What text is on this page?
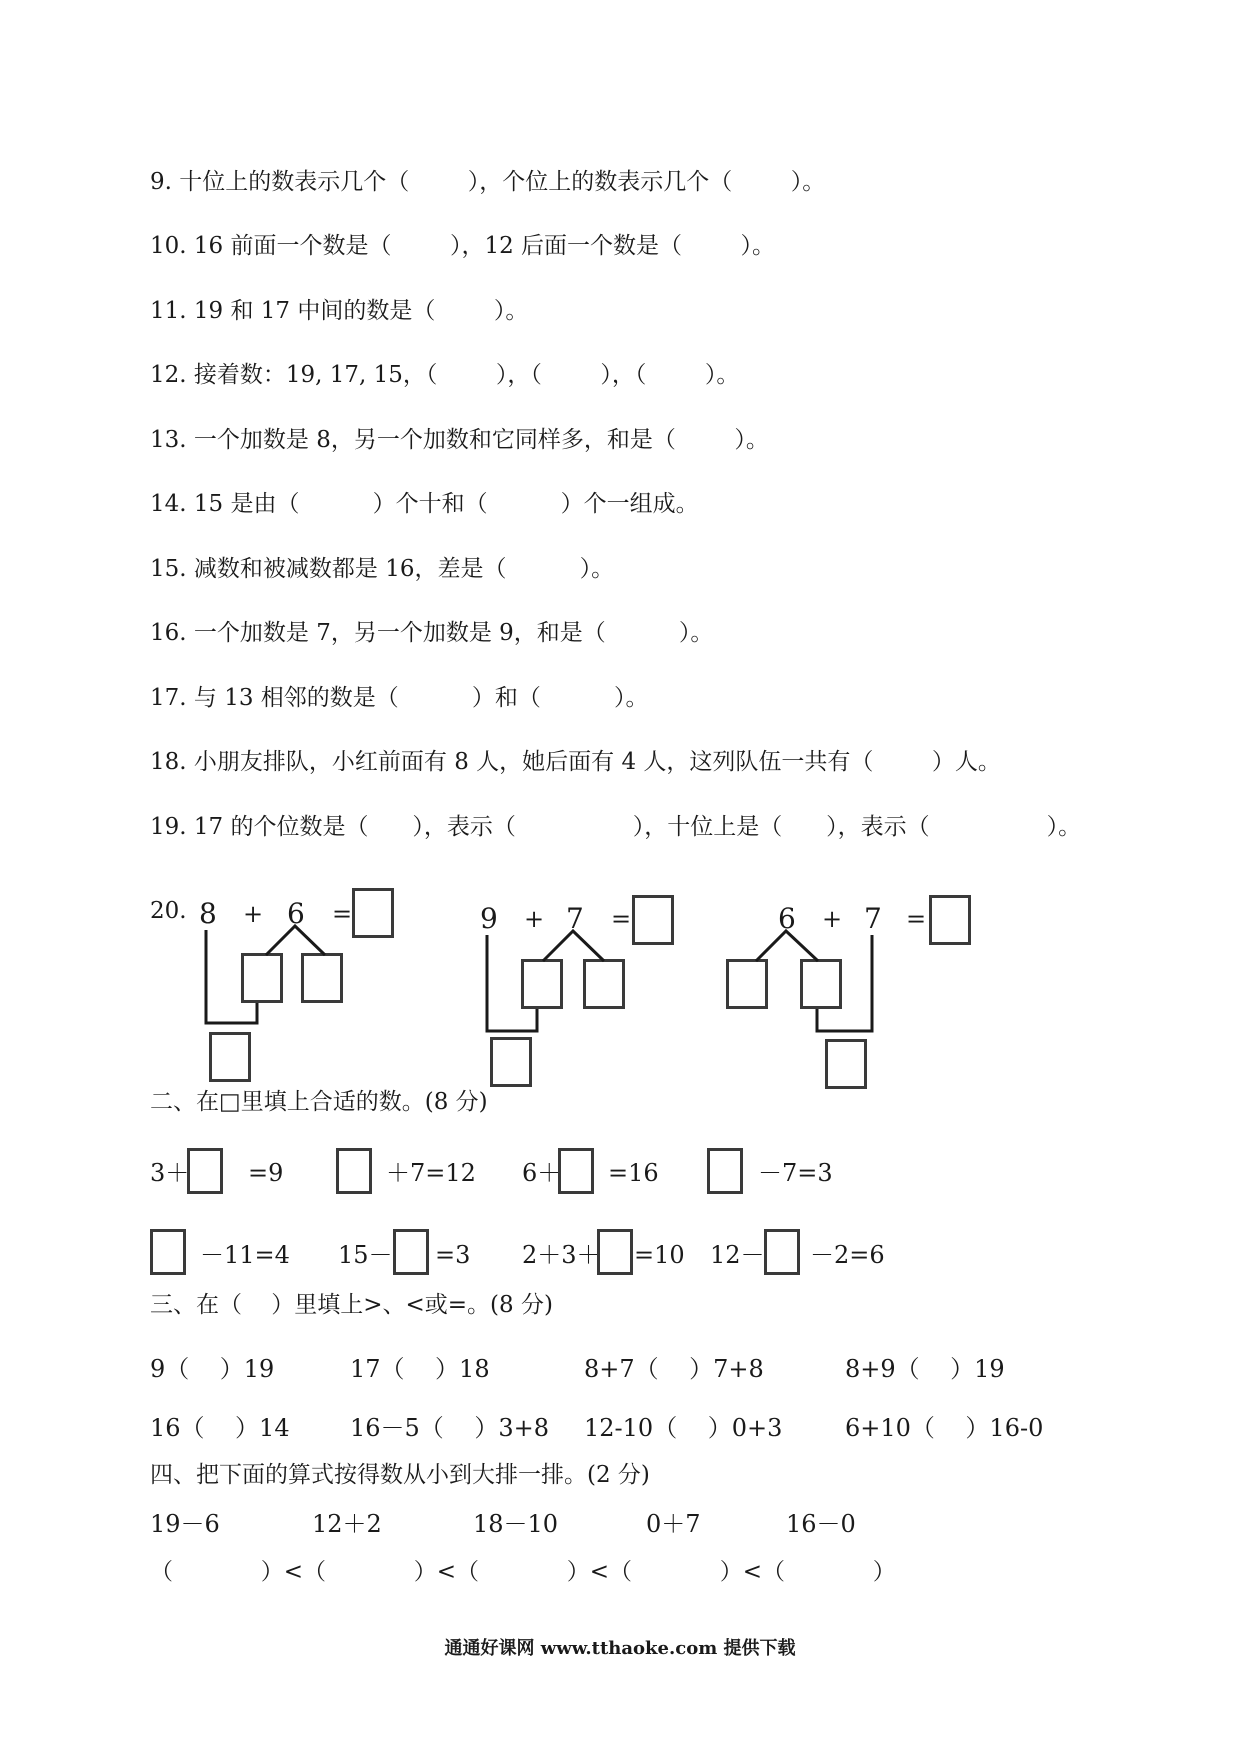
9. 十位上的数表示几个（        ），个位上的数表示几个（        ）。
10. 16 前面一个数是（        ），12 后面一个数是（        ）。
11. 19 和 17 中间的数是（        ）。
12. 接着数：19, 17, 15，（        ），（        ），（        ）。
13. 一个加数是 8，另一个加数和它同样多，和是（        ）。
14. 15 是由（          ）个十和（          ）个一组成。
15. 减数和被减数都是 16，差是（          ）。
16. 一个加数是 7，另一个加数是 9，和是（          ）。
17. 与 13 相邻的数是（          ）和（          ）。
18. 小朋友排队，小红前面有 8 人，她后面有 4 人，这列队伍一共有（        ）人。
19. 17 的个位数是（      ），表示（                ），十位上是（      ），表示（                ）。
20. 8 + 6 =	9 + 7 =	6 + 7 =
二、在□里填上合适的数。(8 分)
3＋ =9	＋7=12 6＋ =16	－7=3
－11=4 15－ =3 2＋3＋ =10 12－ －2=6
三、在（    ）里填上>、<或=。(8 分)
9（    ）19	17（    ）18	8+7（    ）7+8	8+9（    ）19
16（    ）14	16－5（    ）3+8 12-10（    ）0+3	6+10（    ）16-0
四、把下面的算式按得数从小到大排一排。(2 分)
19－6	12＋2	18－10	0＋7	16－0
（            ）<（            ）<（            ）<（            ）<（            ）
通通好课网 www.tthaoke.com 提供下载
